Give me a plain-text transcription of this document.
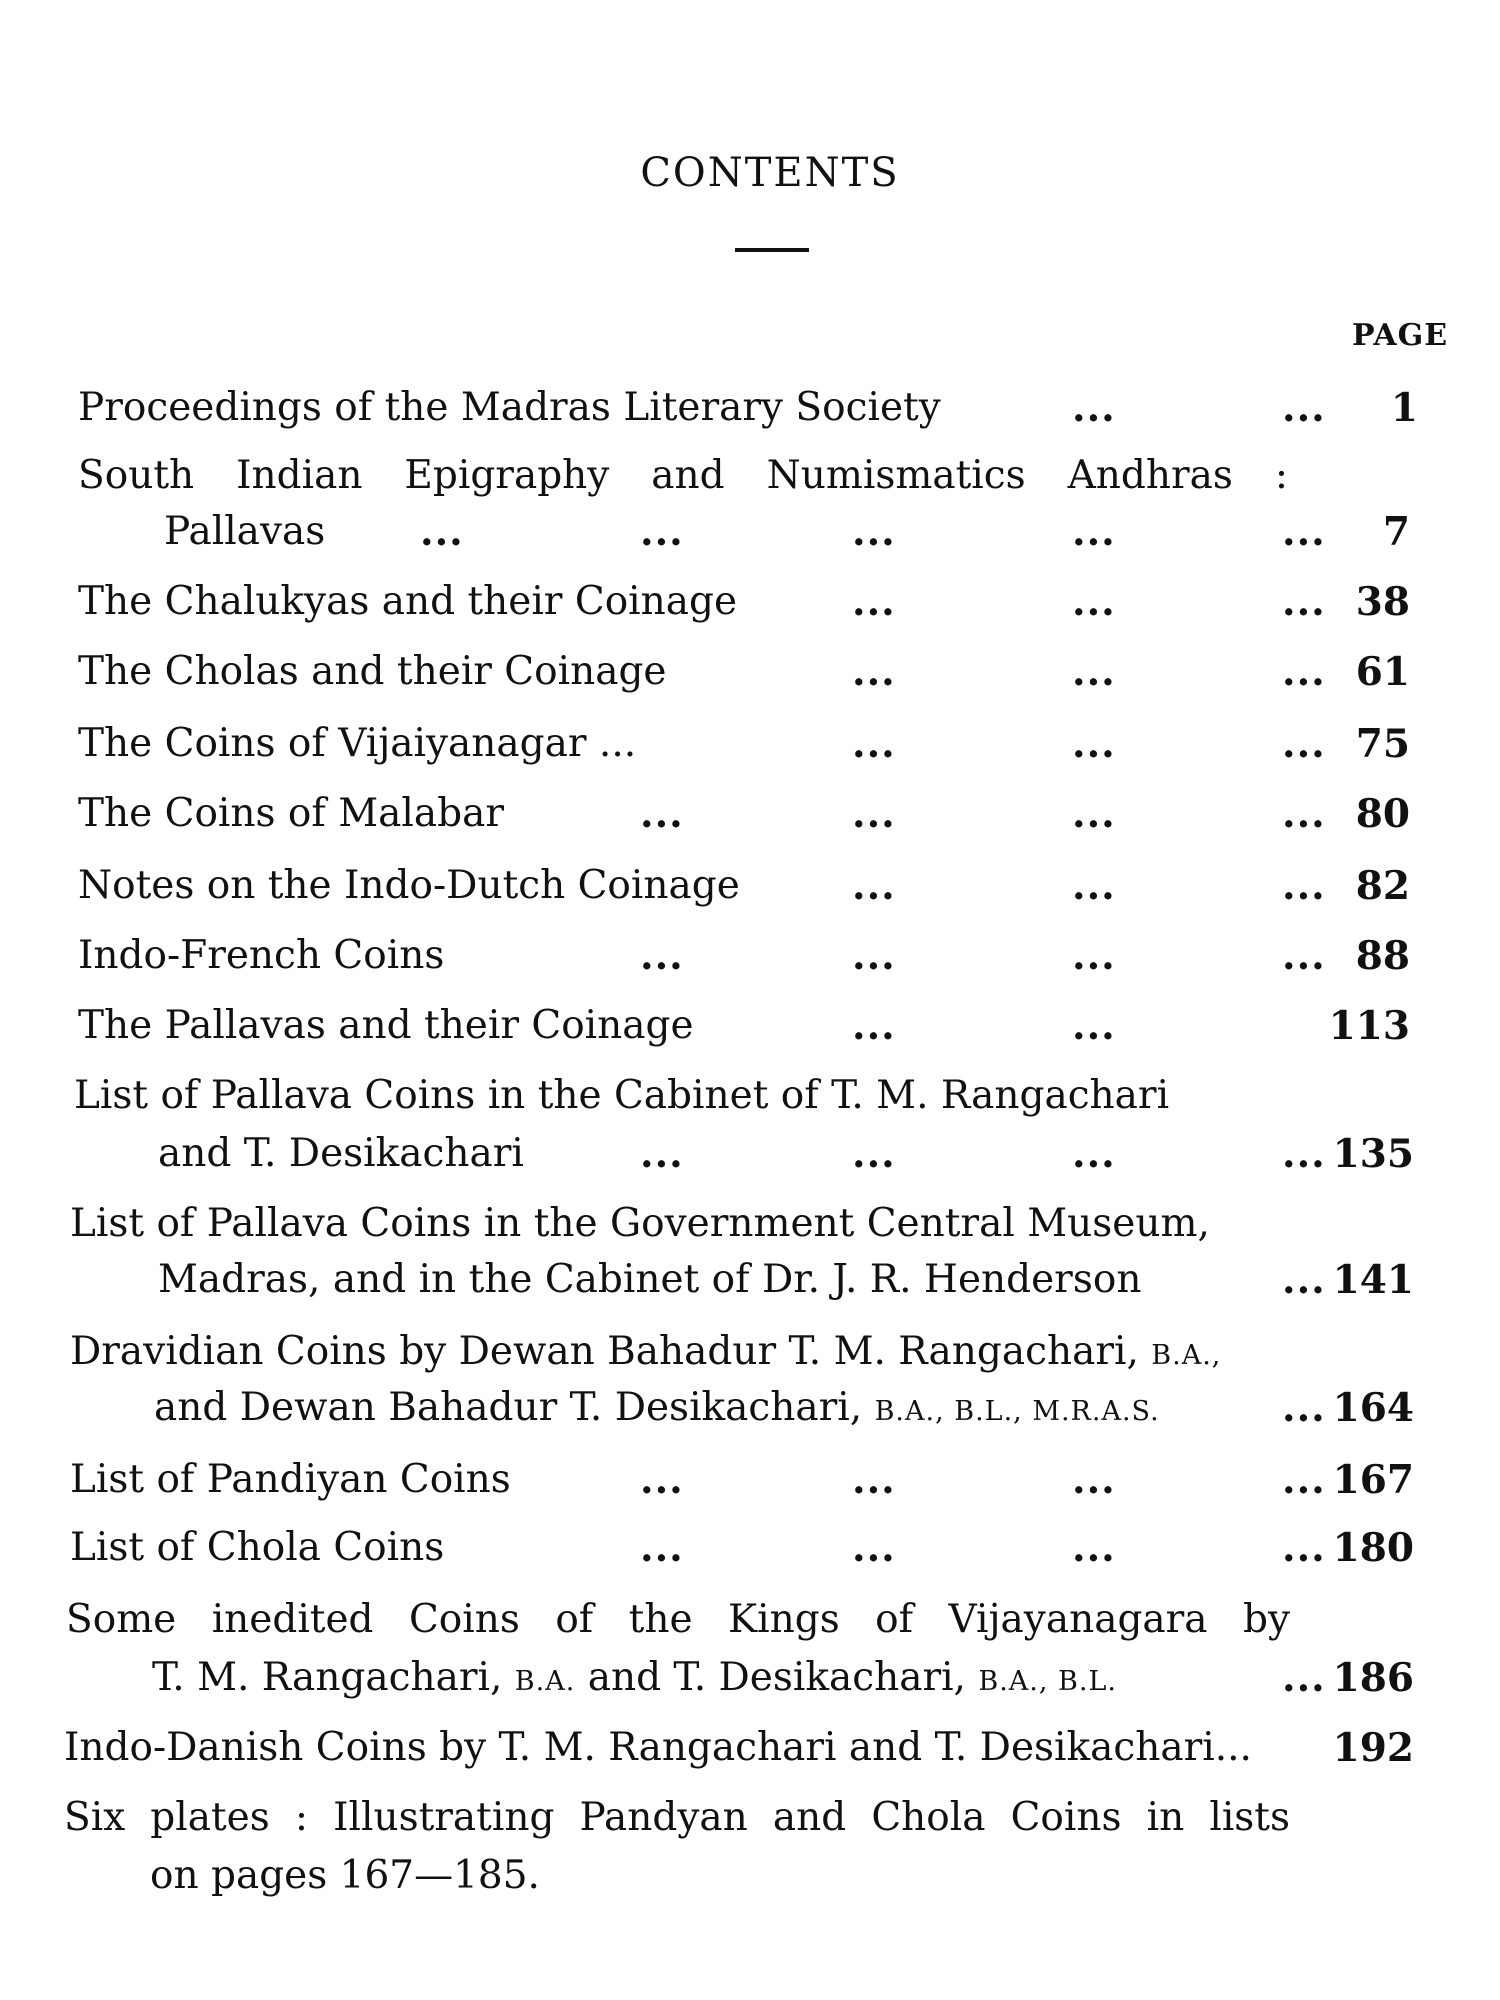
CONTENTS
PAGE
Proceedings of the Madras Literary Society	...	... 1
South Indian Epigraphy and Numismatics Andhras :
Pallavas ...	...	...	...	... 7
The Chalukyas and their Coinage	...	...	... 38
The Cholas and their Coinage	...	...	... 61
The Coins of Vijaiyanagar ...	...	...	... 75
The Coins of Malabar	...	...	...	... 80
Notes on the Indo-Dutch Coinage	...	...	... 82
Indo-French Coins	...	...	...	... 88
The Pallavas and their Coinage	...	...	113
List of Pallava Coins in the Cabinet of T. M. Rangachari
and T. Desikachari	...	...	...	... 135
List of Pallava Coins in the Government Central Museum,
Madras, and in the Cabinet of Dr. J. R. Henderson	... 141
Dravidian Coins by Dewan Bahadur T. M. Rangachari, B.A.,
and Dewan Bahadur T. Desikachari, B.A., B.L., M.R.A.S.	... 164
List of Pandiyan Coins	...	...	...	... 167
List of Chola Coins	...	...	...	... 180
Some inedited Coins of the Kings of Vijayanagara by
T. M. Rangachari, B.A. and T. Desikachari, B.A., B.L.	... 186
Indo-Danish Coins by T. M. Rangachari and T. Desikachari... 192
Six plates : Illustrating Pandyan and Chola Coins in lists
on pages 167—185.
